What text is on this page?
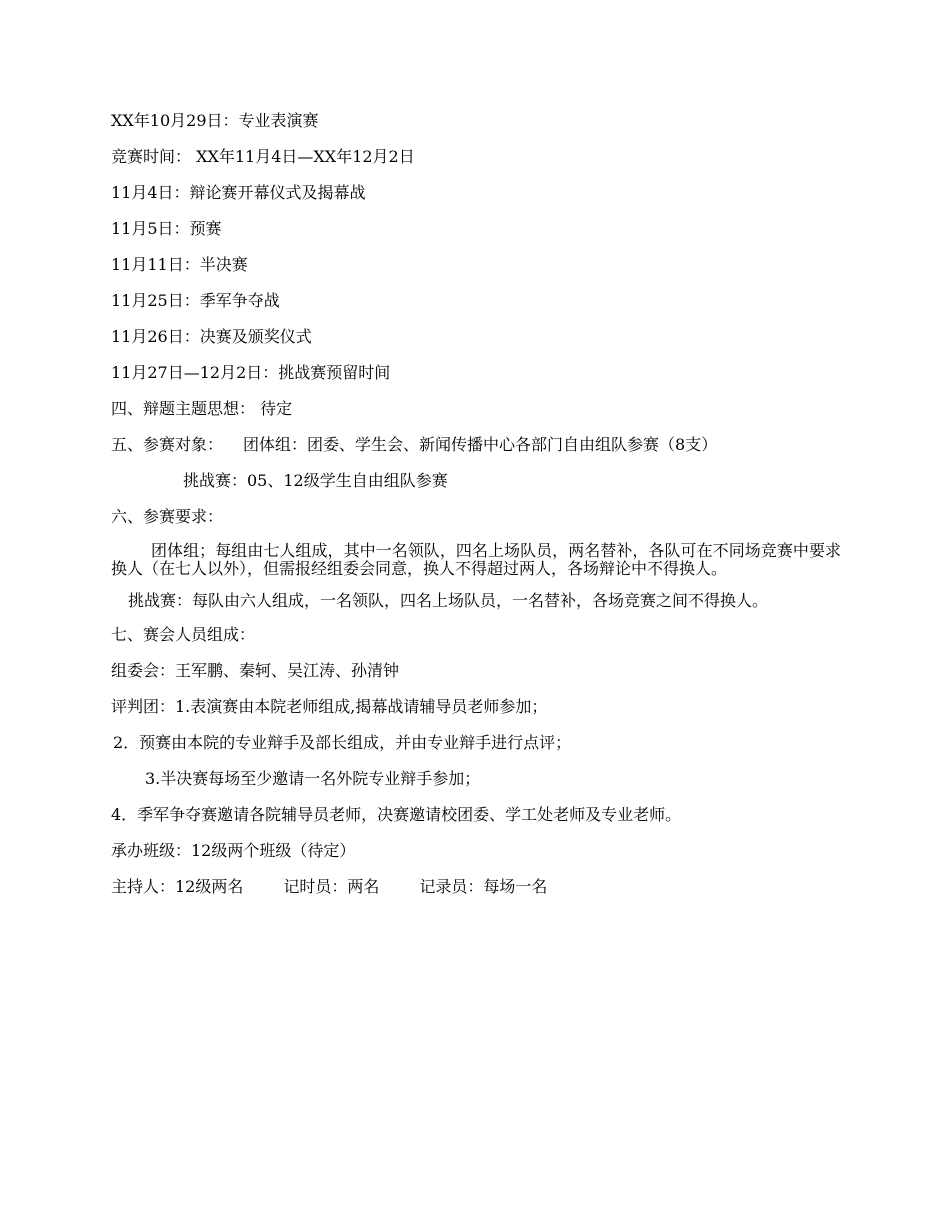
XX年10月29日：专业表演赛
竞赛时间： XX年11月4日—XX年12月2日
11月4日：辩论赛开幕仪式及揭幕战
11月5日：预赛
11月11日：半决赛
11月25日：季军争夺战
11月26日：决赛及颁奖仪式
11月27日—12月2日：挑战赛预留时间
四、辩题主题思想： 待定
五、参赛对象： 团体组：团委、学生会、新闻传播中心各部门自由组队参赛（8支）
挑战赛：05、12级学生自由组队参赛
六、参赛要求：
团体组；每组由七人组成，其中一名领队，四名上场队员，两名替补，各队可在不同场竞赛中要求换人（在七人以外），但需报经组委会同意，换人不得超过两人，各场辩论中不得换人。
挑战赛：每队由六人组成，一名领队，四名上场队员，一名替补，各场竞赛之间不得换人。
七、赛会人员组成：
组委会：王军鹏、秦轲、吴江涛、孙清钟
评判团：1.表演赛由本院老师组成,揭幕战请辅导员老师参加；
2．预赛由本院的专业辩手及部长组成，并由专业辩手进行点评；
3.半决赛每场至少邀请一名外院专业辩手参加；
4．季军争夺赛邀请各院辅导员老师，决赛邀请校团委、学工处老师及专业老师。
承办班级：12级两个班级（待定）
主持人：12级两名	记时员：两名	记录员：每场一名
